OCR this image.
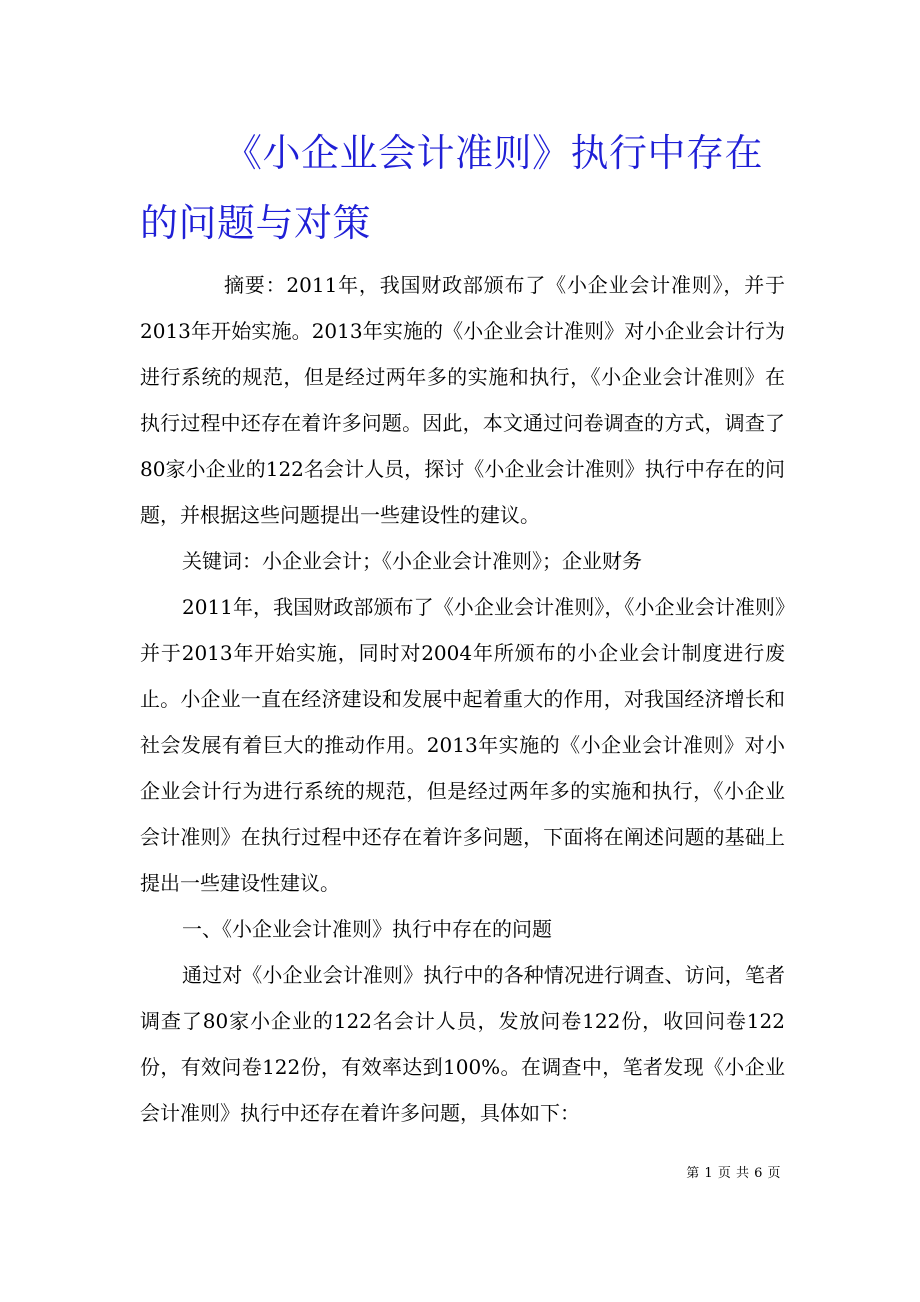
《小企业会计准则》执行中存在
的问题与对策

摘要：2011年，我国财政部颁布了《小企业会计准则》，并于2013年开始实施。2013年实施的《小企业会计准则》对小企业会计行为进行系统的规范，但是经过两年多的实施和执行，《小企业会计准则》在执行过程中还存在着许多问题。因此，本文通过问卷调查的方式，调查了80家小企业的122名会计人员，探讨《小企业会计准则》执行中存在的问题，并根据这些问题提出一些建设性的建议。

关键词：小企业会计；《小企业会计准则》；企业财务

2011年，我国财政部颁布了《小企业会计准则》，《小企业会计准则》并于2013年开始实施，同时对2004年所颁布的小企业会计制度进行废止。小企业一直在经济建设和发展中起着重大的作用，对我国经济增长和社会发展有着巨大的推动作用。2013年实施的《小企业会计准则》对小企业会计行为进行系统的规范，但是经过两年多的实施和执行，《小企业会计准则》在执行过程中还存在着许多问题，下面将在阐述问题的基础上提出一些建设性建议。

一、《小企业会计准则》执行中存在的问题

通过对《小企业会计准则》执行中的各种情况进行调查、访问，笔者调查了80家小企业的122名会计人员，发放问卷122份，收回问卷122份，有效问卷122份，有效率达到100%。在调查中，笔者发现《小企业会计准则》执行中还存在着许多问题，具体如下：

第 1 页 共 6 页
